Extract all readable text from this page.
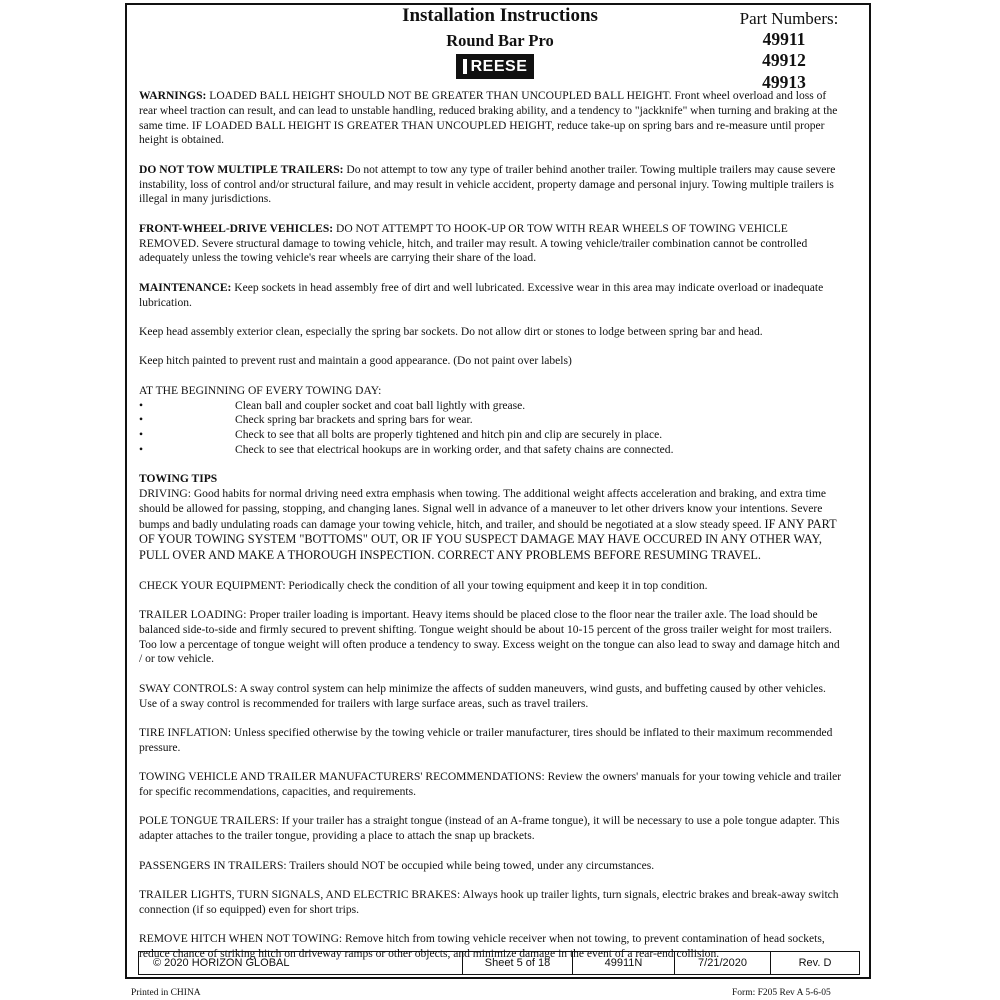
Installation Instructions
Round Bar Pro
REESE
Part Numbers:
49911
49912
49913

WARNINGS: LOADED BALL HEIGHT SHOULD NOT BE GREATER THAN UNCOUPLED BALL HEIGHT. Front wheel overload and loss of rear wheel traction can result, and can lead to unstable handling, reduced braking ability, and a tendency to "jackknife" when turning and braking at the same time. IF LOADED BALL HEIGHT IS GREATER THAN UNCOUPLED HEIGHT, reduce take-up on spring bars and re-measure until proper height is obtained.

DO NOT TOW MULTIPLE TRAILERS: Do not attempt to tow any type of trailer behind another trailer. Towing multiple trailers may cause severe instability, loss of control and/or structural failure, and may result in vehicle accident, property damage and personal injury. Towing multiple trailers is illegal in many jurisdictions.

FRONT-WHEEL-DRIVE VEHICLES: DO NOT ATTEMPT TO HOOK-UP OR TOW WITH REAR WHEELS OF TOWING VEHICLE REMOVED. Severe structural damage to towing vehicle, hitch, and trailer may result. A towing vehicle/trailer combination cannot be controlled adequately unless the towing vehicle's rear wheels are carrying their share of the load.

MAINTENANCE: Keep sockets in head assembly free of dirt and well lubricated. Excessive wear in this area may indicate overload or inadequate lubrication.

Keep head assembly exterior clean, especially the spring bar sockets. Do not allow dirt or stones to lodge between spring bar and head.

Keep hitch painted to prevent rust and maintain a good appearance. (Do not paint over labels)

AT THE BEGINNING OF EVERY TOWING DAY:
• Clean ball and coupler socket and coat ball lightly with grease.
• Check spring bar brackets and spring bars for wear.
• Check to see that all bolts are properly tightened and hitch pin and clip are securely in place.
• Check to see that electrical hookups are in working order, and that safety chains are connected.
TOWING TIPS

DRIVING: Good habits for normal driving need extra emphasis when towing. The additional weight affects acceleration and braking, and extra time should be allowed for passing, stopping, and changing lanes. Signal well in advance of a maneuver to let other drivers know your intentions. Severe bumps and badly undulating roads can damage your towing vehicle, hitch, and trailer, and should be negotiated at a slow steady speed. IF ANY PART OF YOUR TOWING SYSTEM "BOTTOMS" OUT, OR IF YOU SUSPECT DAMAGE MAY HAVE OCCURED IN ANY OTHER WAY, PULL OVER AND MAKE A THOROUGH INSPECTION. CORRECT ANY PROBLEMS BEFORE RESUMING TRAVEL.

CHECK YOUR EQUIPMENT: Periodically check the condition of all your towing equipment and keep it in top condition.

TRAILER LOADING: Proper trailer loading is important. Heavy items should be placed close to the floor near the trailer axle. The load should be balanced side-to-side and firmly secured to prevent shifting. Tongue weight should be about 10-15 percent of the gross trailer weight for most trailers. Too low a percentage of tongue weight will often produce a tendency to sway. Excess weight on the tongue can also lead to sway and damage hitch and / or tow vehicle.

SWAY CONTROLS: A sway control system can help minimize the affects of sudden maneuvers, wind gusts, and buffeting caused by other vehicles. Use of a sway control is recommended for trailers with large surface areas, such as travel trailers.

TIRE INFLATION: Unless specified otherwise by the towing vehicle or trailer manufacturer, tires should be inflated to their maximum recommended pressure.

TOWING VEHICLE AND TRAILER MANUFACTURERS' RECOMMENDATIONS: Review the owners' manuals for your towing vehicle and trailer for specific recommendations, capacities, and requirements.

POLE TONGUE TRAILERS: If your trailer has a straight tongue (instead of an A-frame tongue), it will be necessary to use a pole tongue adapter. This adapter attaches to the trailer tongue, providing a place to attach the snap up brackets.

PASSENGERS IN TRAILERS: Trailers should NOT be occupied while being towed, under any circumstances.

TRAILER LIGHTS, TURN SIGNALS, AND ELECTRIC BRAKES: Always hook up trailer lights, turn signals, electric brakes and break-away switch connection (if so equipped) even for short trips.

REMOVE HITCH WHEN NOT TOWING: Remove hitch from towing vehicle receiver when not towing, to prevent contamination of head sockets, reduce chance of striking hitch on driveway ramps or other objects, and minimize damage in the event of a rear-end collision.

© 2020 HORIZON GLOBAL	Sheet 5 of 18	49911N	7/21/2020	Rev. D
Printed in CHINA	Form: F205 Rev A 5-6-05
